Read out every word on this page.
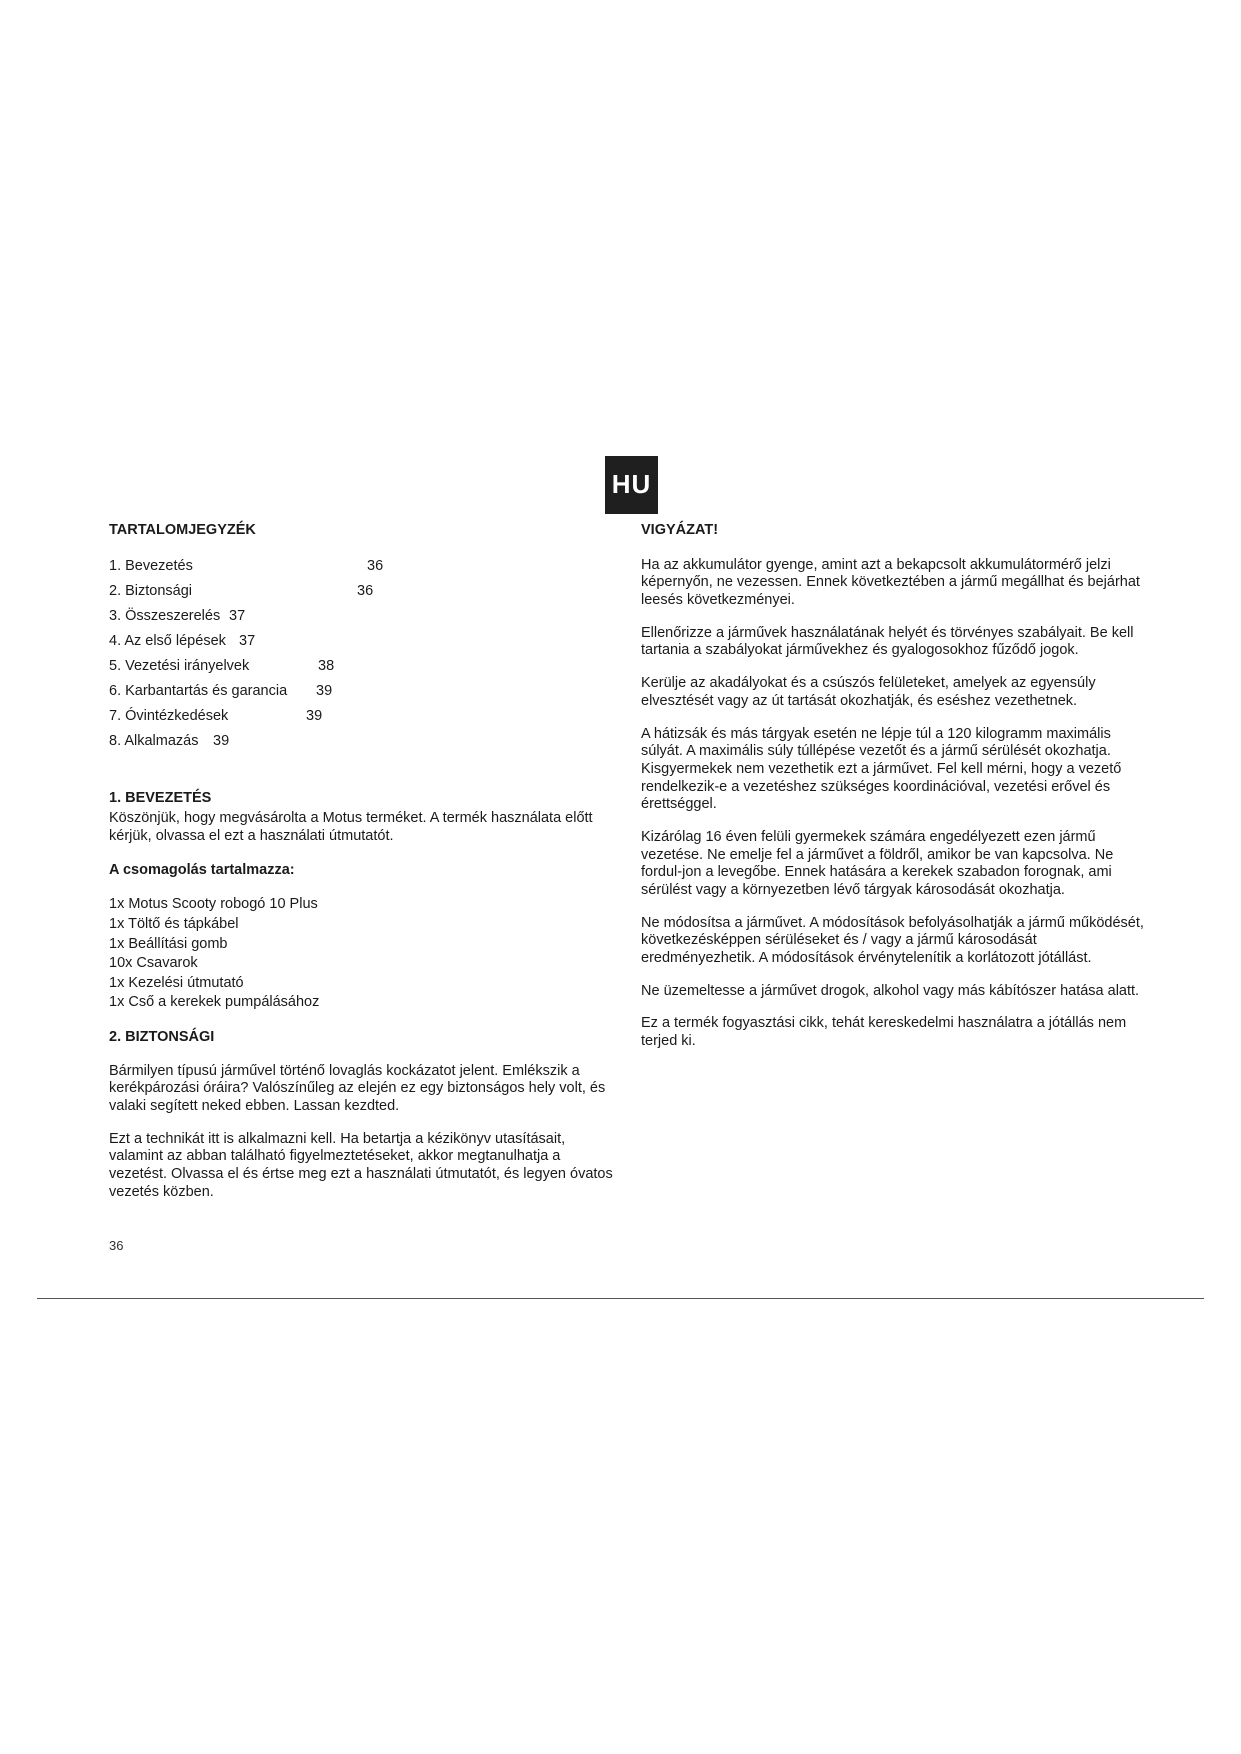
HU
TARTALOMJEGYZÉK
1. Bevezetés	36
2. Biztonsági	36
3. Összeszerelés 37
4. Az első lépések 37
5. Vezetési irányelvek	38
6. Karbantartás és garancia 39
7. Óvintézkedések	39
8. Alkalmazás 39
1. BEVEZETÉS

Köszönjük, hogy megvásárolta a Motus terméket. A termék használata előtt kérjük, olvassa el ezt a használati útmutatót.

A csomagolás tartalmazza:
1x Motus Scooty robogó 10 Plus
1x Töltő és tápkábel
1x Beállítási gomb
10x Csavarok
1x Kezelési útmutató
1x Cső a kerekek pumpálásához
2. BIZTONSÁGI

Bármilyen típusú járművel történő lovaglás kockázatot jelent. Emlékszik a kerékpározási óráira? Valószínűleg az elején ez egy biztonságos hely volt, és valaki segített neked ebben. Lassan kezdted.

Ezt a technikát itt is alkalmazni kell. Ha betartja a kézikönyv utasításait, valamint az abban található figyelmeztetéseket, akkor megtanulhatja a vezetést. Olvassa el és értse meg ezt a használati útmutatót, és legyen óvatos vezetés közben.

VIGYÁZAT!

Ha az akkumulátor gyenge, amint azt a bekapcsolt akkumulátormérő jelzi képernyőn, ne vezessen. Ennek következtében a jármű megállhat és bejárhat leesés következményei.

Ellenőrizze a járművek használatának helyét és törvényes szabályait. Be kell tartania a szabályokat járművekhez és gyalogosokhoz fűződő jogok.

Kerülje az akadályokat és a csúszós felületeket, amelyek az egyensúly elvesztését vagy az út tartását okozhatják, és eséshez vezethetnek.

A hátizsák és más tárgyak esetén ne lépje túl a 120 kilogramm maximális súlyát. A maximális súly túllépése vezetőt és a jármű sérülését okozhatja. Kisgyermekek nem vezethetik ezt a járművet. Fel kell mérni, hogy a vezető rendelkezik-e a vezetéshez szükséges koordinációval, vezetési erővel és érettséggel.

Kizárólag 16 éven felüli gyermekek számára engedélyezett ezen jármű vezetése. Ne emelje fel a járművet a földről, amikor be van kapcsolva. Ne fordul-jon a levegőbe. Ennek hatására a kerekek szabadon forognak, ami sérülést vagy a környezetben lévő tárgyak károsodását okozhatja.

Ne módosítsa a járművet. A módosítások befolyásolhatják a jármű működését, következésképpen sérüléseket és / vagy a jármű károsodását eredményezhetik. A módosítások érvénytelenítik a korlátozott jótállást.

Ne üzemeltesse a járművet drogok, alkohol vagy más kábítószer hatása alatt.

Ez a termék fogyasztási cikk, tehát kereskedelmi használatra a jótállás nem terjed ki.

36
